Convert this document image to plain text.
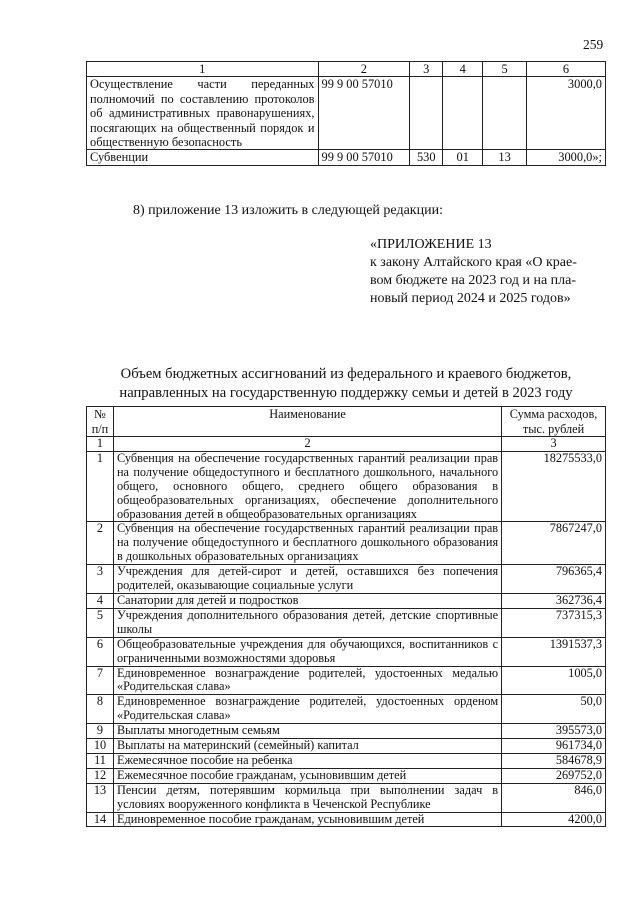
259
1	2	3	4	5	6
Осуществление части переданных полномочий по составлению протоколов об административных правонарушениях, посягающих на общественный порядок и общественную безопасность	99 9 00 57010				3000,0
Субвенции	99 9 00 57010	530	01	13	3000,0»;
8) приложение 13 изложить в следующей редакции:
«ПРИЛОЖЕНИЕ 13
к закону Алтайского края «О крае-
вом бюджете на 2023 год и на пла-
новый период 2024 и 2025 годов»
Объем бюджетных ассигнований из федерального и краевого бюджетов,
направленных на государственную поддержку семьи и детей в 2023 году
№ п/п	Наименование	Сумма расходов, тыс. рублей
1	2	3
1	Субвенция на обеспечение государственных гарантий реализации прав на получение общедоступного и бесплатного дошкольного, начального общего, основного общего, среднего общего образования в общеобразовательных организациях, обеспечение дополнительного образования детей в общеобразовательных организациях	18275533,0
2	Субвенция на обеспечение государственных гарантий реализации прав на получение общедоступного и бесплатного дошкольного образования в дошкольных образовательных организациях	7867247,0
3	Учреждения для детей-сирот и детей, оставшихся без попечения родителей, оказывающие социальные услуги	796365,4
4	Санатории для детей и подростков	362736,4
5	Учреждения дополнительного образования детей, детские спортивные школы	737315,3
6	Общеобразовательные учреждения для обучающихся, воспитанников с ограниченными возможностями здоровья	1391537,3
7	Единовременное вознаграждение родителей, удостоенных медалью «Родительская слава»	1005,0
8	Единовременное вознаграждение родителей, удостоенных орденом «Родительская слава»	50,0
9	Выплаты многодетным семьям	395573,0
10	Выплаты на материнский (семейный) капитал	961734,0
11	Ежемесячное пособие на ребенка	584678,9
12	Ежемесячное пособие гражданам, усыновившим детей	269752,0
13	Пенсии детям, потерявшим кормильца при выполнении задач в условиях вооруженного конфликта в Чеченской Республике	846,0
14	Единовременное пособие гражданам, усыновившим детей	4200,0
